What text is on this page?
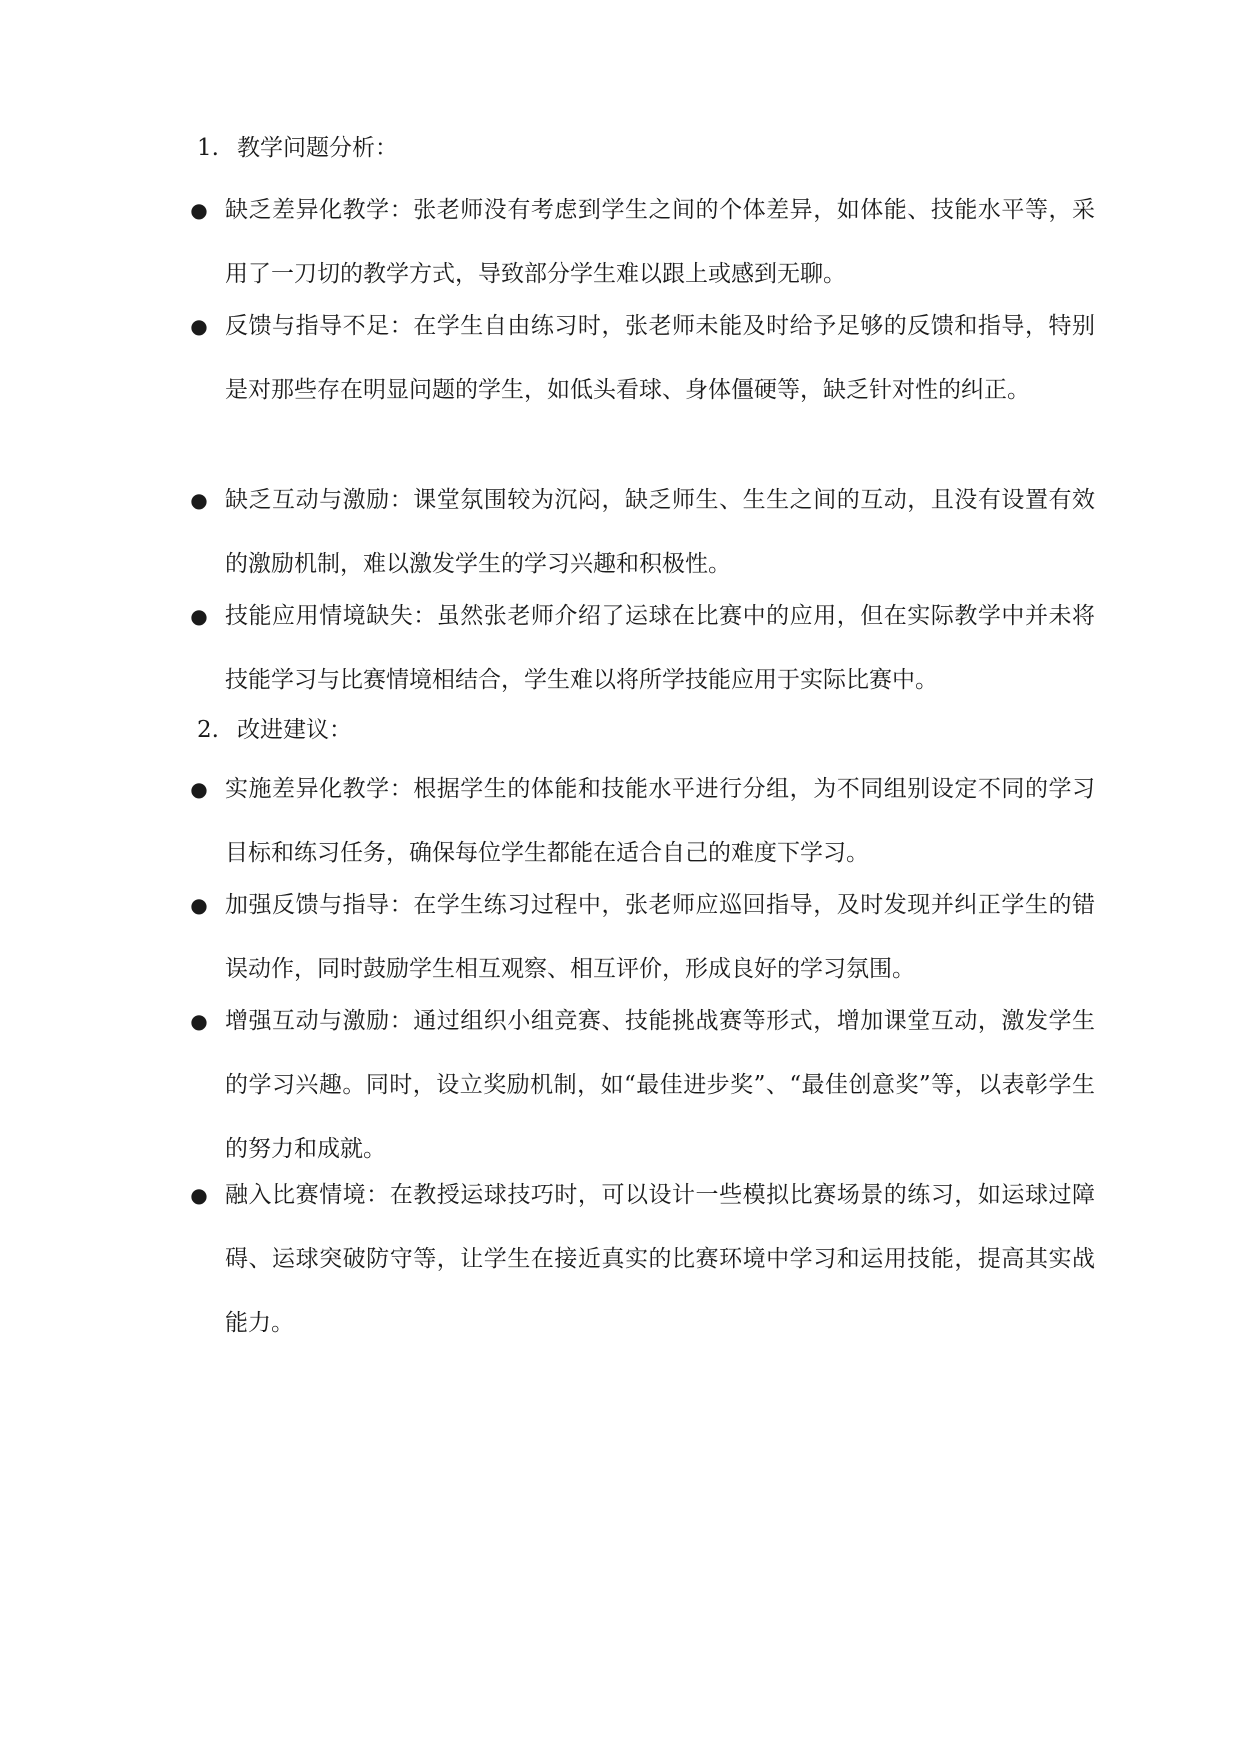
1. 教学问题分析：
● 缺乏差异化教学：张老师没有考虑到学生之间的个体差异，如体能、技能水平等，采用了一刀切的教学方式，导致部分学生难以跟上或感到无聊。
● 反馈与指导不足：在学生自由练习时，张老师未能及时给予足够的反馈和指导，特别是对那些存在明显问题的学生，如低头看球、身体僵硬等，缺乏针对性的纠正。
● 缺乏互动与激励：课堂氛围较为沉闷，缺乏师生、生生之间的互动，且没有设置有效的激励机制，难以激发学生的学习兴趣和积极性。
● 技能应用情境缺失：虽然张老师介绍了运球在比赛中的应用，但在实际教学中并未将技能学习与比赛情境相结合，学生难以将所学技能应用于实际比赛中。
2. 改进建议：
● 实施差异化教学：根据学生的体能和技能水平进行分组，为不同组别设定不同的学习目标和练习任务，确保每位学生都能在适合自己的难度下学习。
● 加强反馈与指导：在学生练习过程中，张老师应巡回指导，及时发现并纠正学生的错误动作，同时鼓励学生相互观察、相互评价，形成良好的学习氛围。
● 增强互动与激励：通过组织小组竞赛、技能挑战赛等形式，增加课堂互动，激发学生的学习兴趣。同时，设立奖励机制，如“最佳进步奖”、“最佳创意奖”等，以表彰学生的努力和成就。
● 融入比赛情境：在教授运球技巧时，可以设计一些模拟比赛场景的练习，如运球过障碍、运球突破防守等，让学生在接近真实的比赛环境中学习和运用技能，提高其实战能力。
